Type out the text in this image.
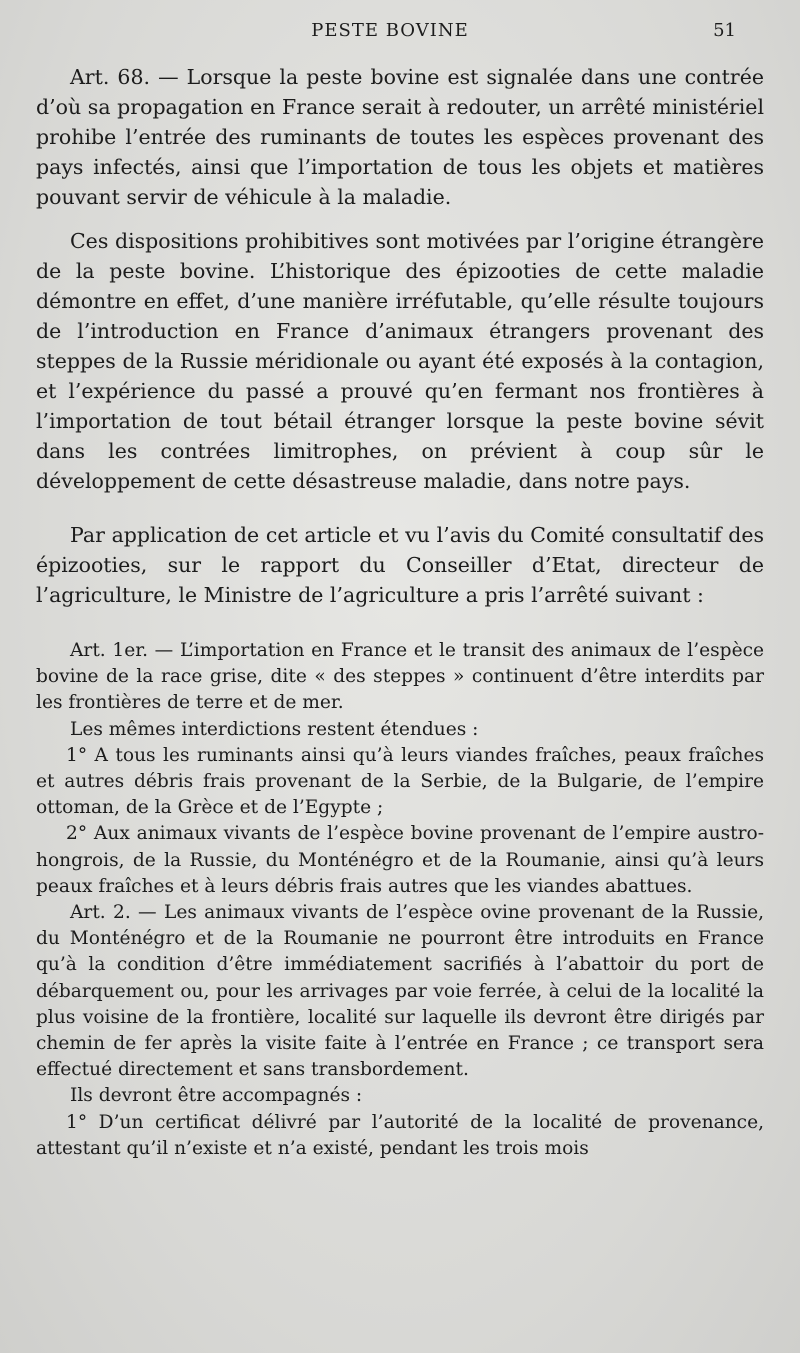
PESTE BOVINE	51

Art. 68. — Lorsque la peste bovine est signalée dans une contrée d’où sa propagation en France serait à redouter, un arrêté ministériel prohibe l’entrée des ruminants de toutes les espèces provenant des pays infectés, ainsi que l’importation de tous les objets et matières pouvant servir de véhicule à la maladie.

Ces dispositions prohibitives sont motivées par l’origine étrangère de la peste bovine. L’historique des épizooties de cette maladie démontre en effet, d’une manière irréfutable, qu’elle résulte toujours de l’introduction en France d’animaux étrangers provenant des steppes de la Russie méridionale ou ayant été exposés à la contagion, et l’expérience du passé a prouvé qu’en fermant nos frontières à l’importation de tout bétail étranger lorsque la peste bovine sévit dans les contrées limitrophes, on prévient à coup sûr le développement de cette désastreuse maladie, dans notre pays.

Par application de cet article et vu l’avis du Comité consultatif des épizooties, sur le rapport du Conseiller d’Etat, directeur de l’agriculture, le Ministre de l’agriculture a pris l’arrêté suivant :

Art. 1er. — L’importation en France et le transit des animaux de l’espèce bovine de la race grise, dite « des steppes » continuent d’être interdits par les frontières de terre et de mer.

Les mêmes interdictions restent étendues :

1° A tous les ruminants ainsi qu’à leurs viandes fraîches, peaux fraîches et autres débris frais provenant de la Serbie, de la Bulgarie, de l’empire ottoman, de la Grèce et de l’Egypte ;

2° Aux animaux vivants de l’espèce bovine provenant de l’empire austro-hongrois, de la Russie, du Monténégro et de la Roumanie, ainsi qu’à leurs peaux fraîches et à leurs débris frais autres que les viandes abattues.

Art. 2. — Les animaux vivants de l’espèce ovine provenant de la Russie, du Monténégro et de la Roumanie ne pourront être introduits en France qu’à la condition d’être immédiatement sacrifiés à l’abattoir du port de débarquement ou, pour les arrivages par voie ferrée, à celui de la localité la plus voisine de la frontière, localité sur laquelle ils devront être dirigés par chemin de fer après la visite faite à l’entrée en France ; ce transport sera effectué directement et sans transbordement.

Ils devront être accompagnés :

1° D’un certificat délivré par l’autorité de la localité de provenance, attestant qu’il n’existe et n’a existé, pendant les trois mois
